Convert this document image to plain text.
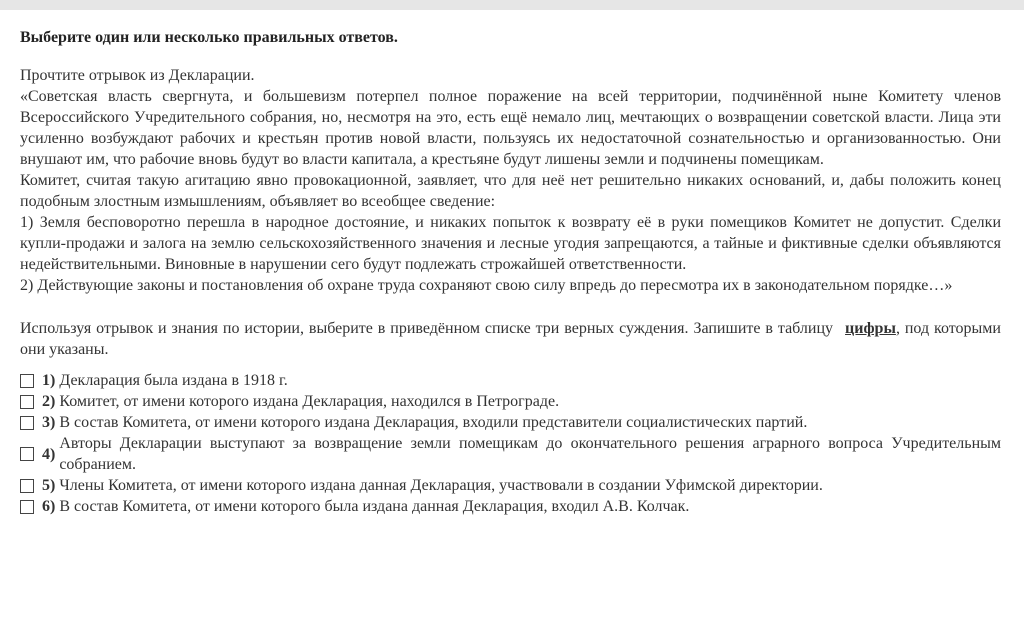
Выберите один или несколько правильных ответов.

Прочтите отрывок из Декларации.

«Советская власть свергнута, и большевизм потерпел полное поражение на всей территории, подчинённой ныне Комитету членов Всероссийского Учредительного собрания, но, несмотря на это, есть ещё немало лиц, мечтающих о возвращении советской власти. Лица эти усиленно возбуждают рабочих и крестьян против новой власти, пользуясь их недостаточной сознательностью и организованностью. Они внушают им, что рабочие вновь будут во власти капитала, а крестьяне будут лишены земли и подчинены помещикам.

Комитет, считая такую агитацию явно провокационной, заявляет, что для неё нет решительно никаких оснований, и, дабы положить конец подобным злостным измышлениям, объявляет во всеобщее сведение:

1) Земля бесповоротно перешла в народное достояние, и никаких попыток к возврату её в руки помещиков Комитет не допустит. Сделки купли-продажи и залога на землю сельскохозяйственного значения и лесные угодия запрещаются, а тайные и фиктивные сделки объявляются недействительными. Виновные в нарушении сего будут подлежать строжайшей ответственности.

2) Действующие законы и постановления об охране труда сохраняют свою силу впредь до пересмотра их в законодательном порядке…»

Используя отрывок и знания по истории, выберите в приведённом списке три верных суждения. Запишите в таблицу цифры, под которыми они указаны.
1) Декларация была издана в 1918 г.
2) Комитет, от имени которого издана Декларация, находился в Петрограде.
3) В состав Комитета, от имени которого издана Декларация, входили представители социалистических партий.
4)
Авторы Декларации выступают за возвращение земли помещикам до окончательного решения аграрного вопроса Учредительным собранием.
5) Члены Комитета, от имени которого издана данная Декларация, участвовали в создании Уфимской директории.
6) В состав Комитета, от имени которого была издана данная Декларация, входил А.В. Колчак.
